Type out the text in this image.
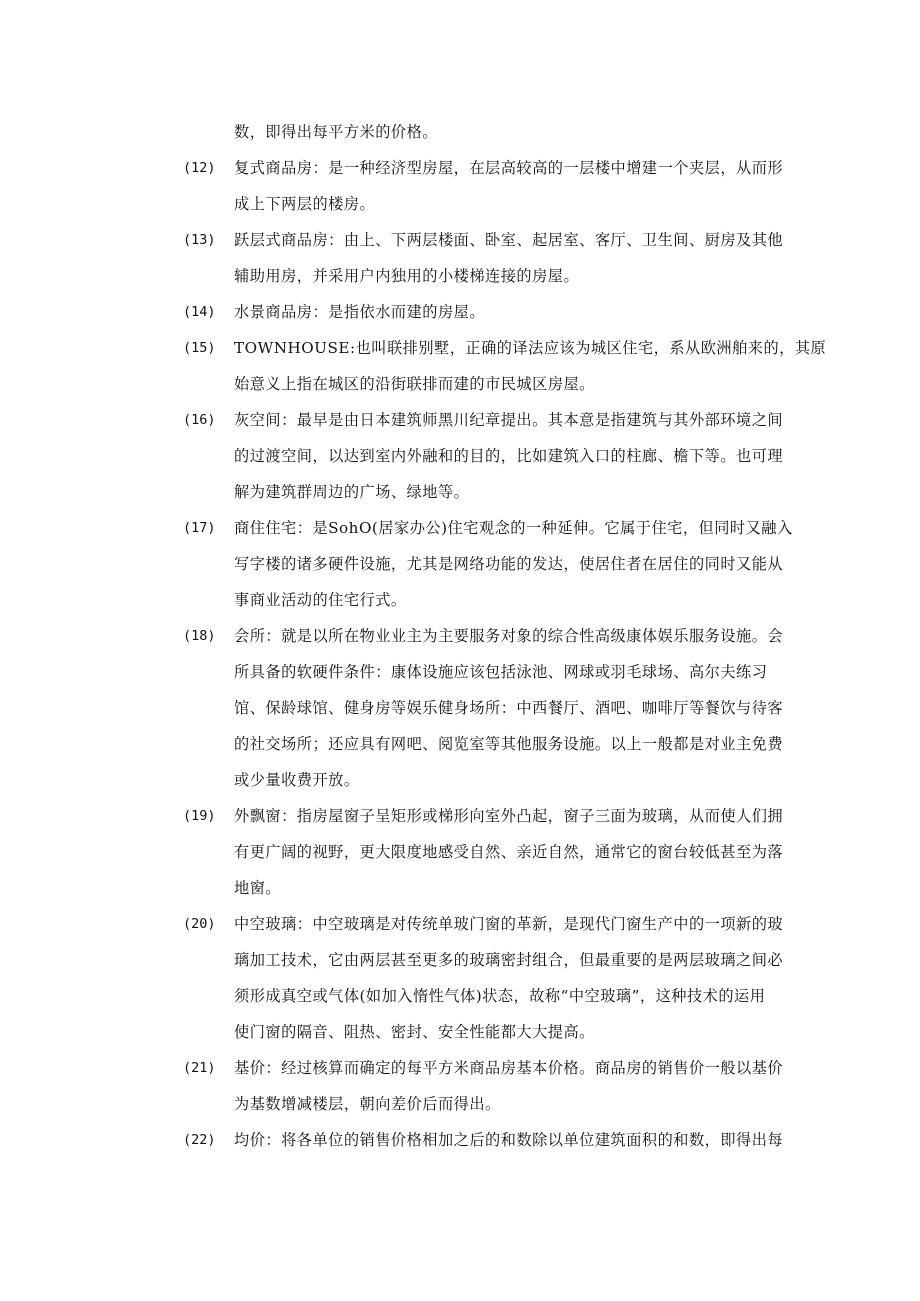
数，即得出每平方米的价格。
(12) 复式商品房：是一种经济型房屋，在层高较高的一层楼中增建一个夹层，从而形
成上下两层的楼房。
(13) 跃层式商品房：由上、下两层楼面、卧室、起居室、客厅、卫生间、厨房及其他
辅助用房，并采用户内独用的小楼梯连接的房屋。
(14) 水景商品房：是指依水而建的房屋。
(15) TOWNHOUSE:也叫联排别墅，正确的译法应该为城区住宅，系从欧洲舶来的，其原
始意义上指在城区的沿街联排而建的市民城区房屋。
(16) 灰空间：最早是由日本建筑师黑川纪章提出。其本意是指建筑与其外部环境之间
的过渡空间，以达到室内外融和的目的，比如建筑入口的柱廊、檐下等。也可理
解为建筑群周边的广场、绿地等。
(17) 商住住宅：是SohO(居家办公)住宅观念的一种延伸。它属于住宅，但同时又融入
写字楼的诸多硬件设施，尤其是网络功能的发达，使居住者在居住的同时又能从
事商业活动的住宅行式。
(18) 会所：就是以所在物业业主为主要服务对象的综合性高级康体娱乐服务设施。会
所具备的软硬件条件：康体设施应该包括泳池、网球或羽毛球场、高尔夫练习
馆、保龄球馆、健身房等娱乐健身场所：中西餐厅、酒吧、咖啡厅等餐饮与待客
的社交场所；还应具有网吧、阅览室等其他服务设施。以上一般都是对业主免费
或少量收费开放。
(19) 外飘窗：指房屋窗子呈矩形或梯形向室外凸起，窗子三面为玻璃，从而使人们拥
有更广阔的视野，更大限度地感受自然、亲近自然，通常它的窗台较低甚至为落
地窗。
(20) 中空玻璃：中空玻璃是对传统单玻门窗的革新，是现代门窗生产中的一项新的玻
璃加工技术，它由两层甚至更多的玻璃密封组合，但最重要的是两层玻璃之间必
须形成真空或气体(如加入惰性气体)状态，故称“中空玻璃”，这种技术的运用
使门窗的隔音、阻热、密封、安全性能都大大提高。
(21) 基价：经过核算而确定的每平方米商品房基本价格。商品房的销售价一般以基价
为基数增减楼层，朝向差价后而得出。
(22) 均价：将各单位的销售价格相加之后的和数除以单位建筑面积的和数，即得出每
